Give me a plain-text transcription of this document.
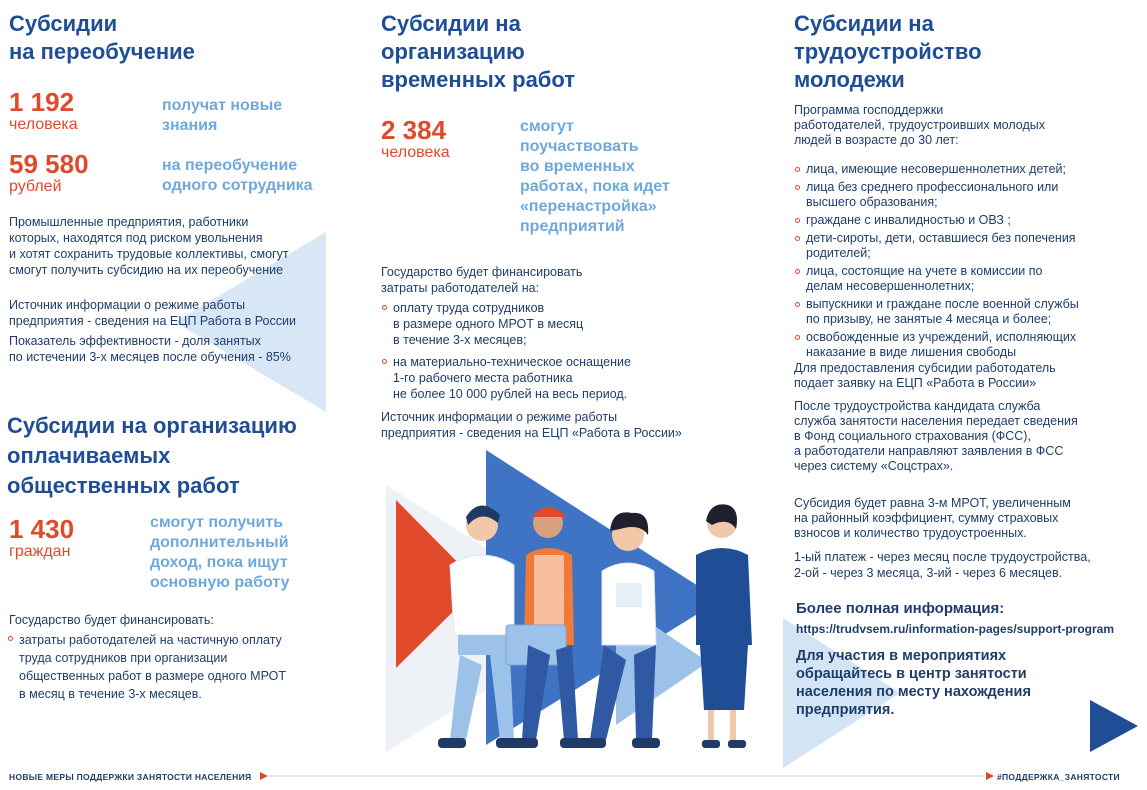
Субсидии
на переобучение
1 192
человека
получат новые
знания
59 580
рублей
на переобучение
одного сотрудника
Промышленные предприятия, работники
которых, находятся под риском увольнения
и хотят сохранить трудовые коллективы, смогут
смогут получить субсидию на их переобучение
Источник информации о режиме работы
предприятия - сведения на ЕЦП Работа в России
Показатель эффективности - доля занятых
по истечении 3-х месяцев после обучения - 85%
Субсидии на организацию
оплачиваемых
общественных работ
1 430
граждан
смогут получить
дополнительный
доход, пока ищут
основную работу
Государство будет финансировать:
затраты работодателей на частичную оплату
труда сотрудников при организации
общественных работ в размере одного МРОТ
в месяц в течение 3-х месяцев.
Субсидии на
организацию
временных работ
2 384
человека
смогут
поучаствовать
во временных
работах, пока идет
«перенастройка»
предприятий
Государство будет финансировать
затраты работодателей на:
оплату труда сотрудников
в размере одного МРОТ в месяц
в течение 3-х месяцев;
на материально-техническое оснащение
1-го рабочего места работника
не более 10 000 рублей на весь период.
Источник информации о режиме работы
предприятия - сведения на ЕЦП «Работа в России»
Субсидии на
трудоустройство
молодежи
Программа господдержки
работодателей, трудоустроивших молодых
людей в возрасте до 30 лет:
лица, имеющие несовершеннолетних детей;
лица без среднего профессионального или
высшего образования;
граждане с инвалидностью и ОВЗ ;
дети-сироты, дети, оставшиеся без попечения
родителей;
лица, состоящие на учете в комиссии по
делам несовершеннолетних;
выпускники и граждане после военной службы
по призыву, не занятые 4 месяца и более;
освобожденные из учреждений, исполняющих
наказание в виде лишения свободы
Для предоставления субсидии работодатель
подает заявку на ЕЦП «Работа в России»
После трудоустройства кандидата служба
служба занятости населения передает сведения
в Фонд социального страхования (ФСС),
а работодатели направляют заявления в ФСС
через систему «Соцстрах».
Субсидия будет равна 3-м МРОТ, увеличенным
на районный коэффициент, сумму страховых
взносов и количество трудоустроенных.
1-ый платеж - через месяц после трудоустройства,
2-ой - через 3 месяца, 3-ий - через 6 месяцев.
Более полная информация:
https://trudvsem.ru/information-pages/support-program
Для участия в мероприятиях
обращайтесь в центр занятости
населения по месту нахождения
предприятия.
НОВЫЕ МЕРЫ ПОДДЕРЖКИ ЗАНЯТОСТИ НАСЕЛЕНИЯ	#ПОДДЕРЖКА_ЗАНЯТОСТИ
